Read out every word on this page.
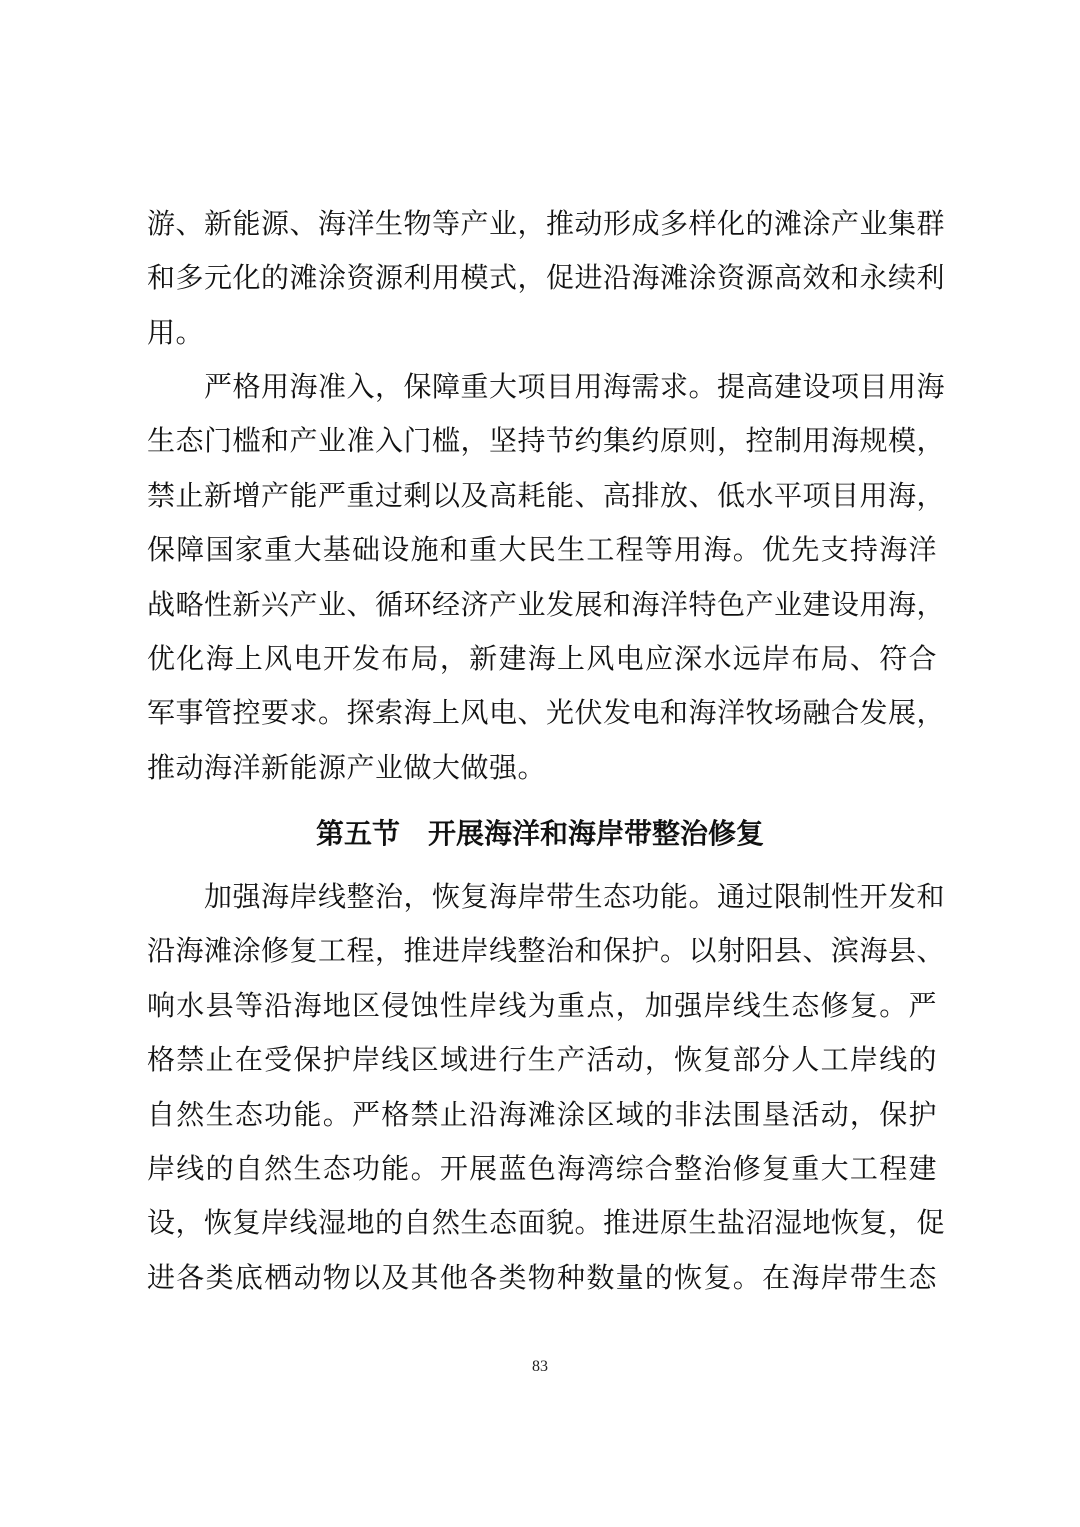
游、新能源、海洋生物等产业，推动形成多样化的滩涂产业集群
和多元化的滩涂资源利用模式，促进沿海滩涂资源高效和永续利
用。
　　严格用海准入，保障重大项目用海需求。提高建设项目用海
生态门槛和产业准入门槛，坚持节约集约原则，控制用海规模，
禁止新增产能严重过剩以及高耗能、高排放、低水平项目用海，
保障国家重大基础设施和重大民生工程等用海。优先支持海洋
战略性新兴产业、循环经济产业发展和海洋特色产业建设用海，
优化海上风电开发布局，新建海上风电应深水远岸布局、符合
军事管控要求。探索海上风电、光伏发电和海洋牧场融合发展，
推动海洋新能源产业做大做强。
第五节　开展海洋和海岸带整治修复
　　加强海岸线整治，恢复海岸带生态功能。通过限制性开发和
沿海滩涂修复工程，推进岸线整治和保护。以射阳县、滨海县、
响水县等沿海地区侵蚀性岸线为重点，加强岸线生态修复。严
格禁止在受保护岸线区域进行生产活动，恢复部分人工岸线的
自然生态功能。严格禁止沿海滩涂区域的非法围垦活动，保护
岸线的自然生态功能。开展蓝色海湾综合整治修复重大工程建
设，恢复岸线湿地的自然生态面貌。推进原生盐沼湿地恢复，促
进各类底栖动物以及其他各类物种数量的恢复。在海岸带生态
83
